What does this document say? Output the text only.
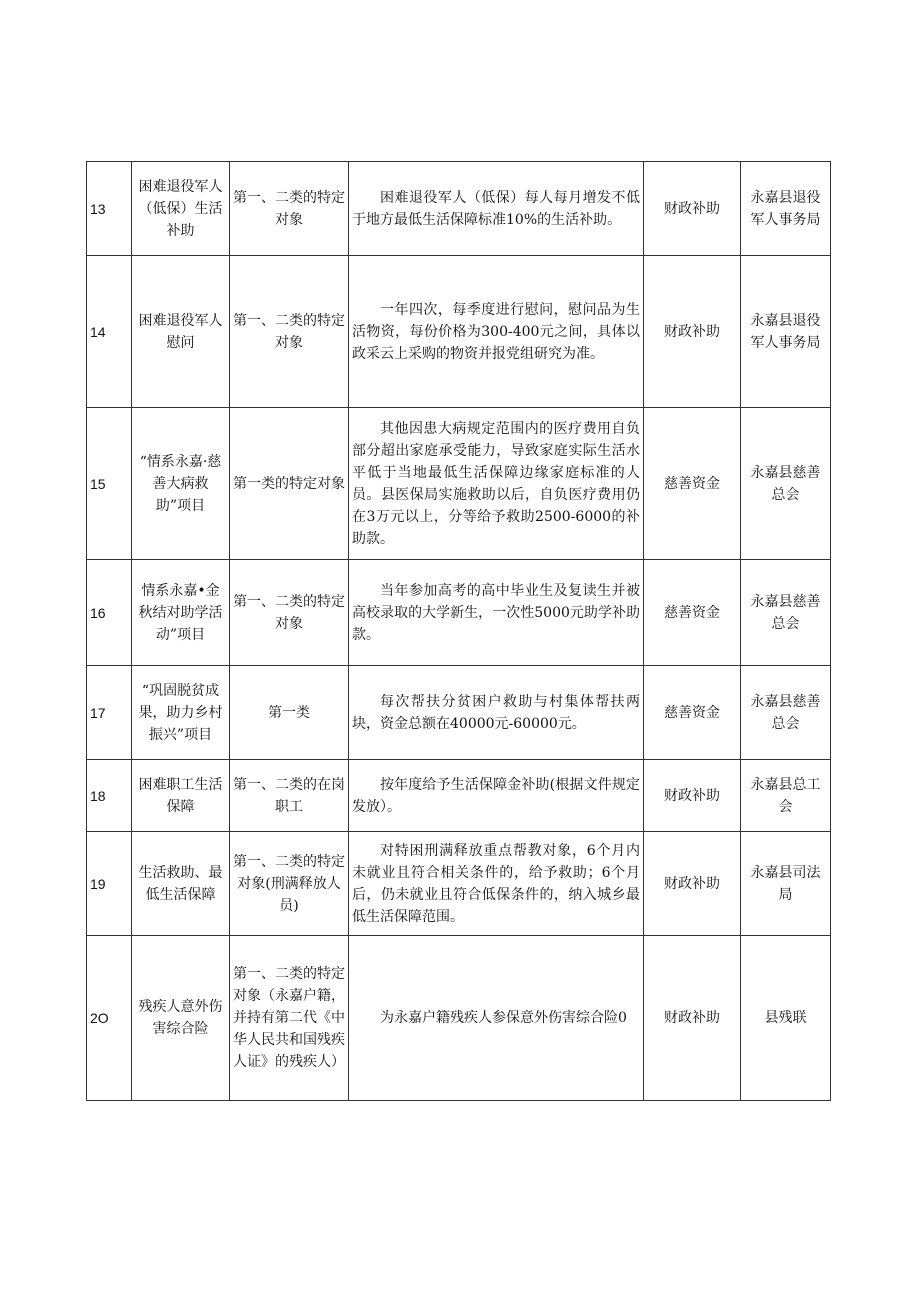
13	困难退役军人（低保）生活补助	第一、二类的特定对象	困难退役军人（低保）每人每月增发不低于地方最低生活保障标准10%的生活补助。	财政补助	永嘉县退役军人事务局
14	困难退役军人慰问	第一、二类的特定对象	一年四次，每季度进行慰问，慰问品为生活物资，每份价格为300-400元之间，具体以政采云上采购的物资并报党组研究为准。	财政补助	永嘉县退役军人事务局
15	“情系永嘉·慈善大病救助”项目	第一类的特定对象	其他因患大病规定范围内的医疗费用自负部分超出家庭承受能力，导致家庭实际生活水平低于当地最低生活保障边缘家庭标准的人员。县医保局实施救助以后，自负医疗费用仍在3万元以上，分等给予救助2500-6000的补助款。	慈善资金	永嘉县慈善总会
16	情系永嘉•金秋结对助学活动”项目	第一、二类的特定对象	当年参加高考的高中毕业生及复读生并被高校录取的大学新生，一次性5000元助学补助款。	慈善资金	永嘉县慈善总会
17	“巩固脱贫成果，助力乡村振兴”项目	第一类	每次帮扶分贫困户救助与村集体帮扶两块，资金总额在40000元-60000元。	慈善资金	永嘉县慈善总会
18	困难职工生活保障	第一、二类的在岗职工	按年度给予生活保障金补助(根据文件规定发放）。	财政补助	永嘉县总工会
19	生活救助、最低生活保障	第一、二类的特定对象(刑满释放人员)	对特困刑满释放重点帮教对象，6个月内未就业且符合相关条件的，给予救助；6个月后，仍未就业且符合低保条件的，纳入城乡最低生活保障范围。	财政补助	永嘉县司法局
2O	残疾人意外伤害综合险	第一、二类的特定对象（永嘉户籍，并持有第二代《中华人民共和国残疾人证》的残疾人）	为永嘉户籍残疾人参保意外伤害综合险0	财政补助	县残联
